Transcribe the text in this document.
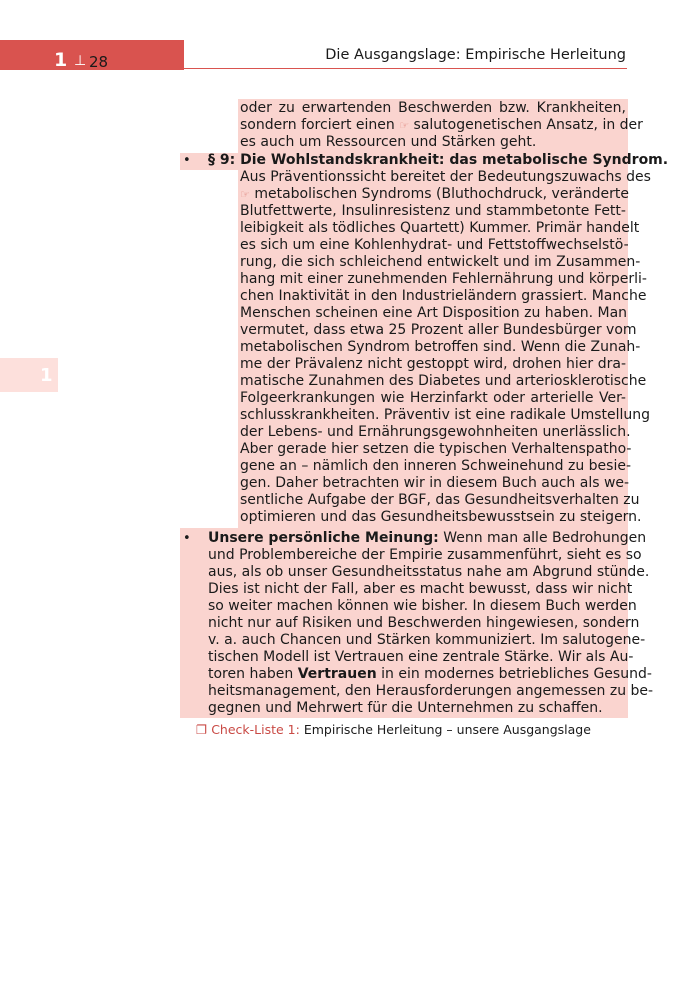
1 ⊥ 28	Die Ausgangslage: Empirische Herleitung
1
oder zu erwartenden Beschwerden bzw. Krankheiten,
sondern forciert einen ☞ salutogenetischen Ansatz, in der
es auch um Ressourcen und Stärken geht.
• § 9: Die Wohlstandskrankheit: das metabolische Syndrom.
Aus Präventionssicht bereitet der Bedeutungszuwachs des
☞ metabolischen Syndroms (Bluthochdruck, veränderte
Blutfettwerte, Insulinresistenz und stammbetonte Fett-
leibigkeit als tödliches Quartett) Kummer. Primär handelt
es sich um eine Kohlenhydrat- und Fettstoffwechselstö-
rung, die sich schleichend entwickelt und im Zusammen-
hang mit einer zunehmenden Fehlernährung und körperli-
chen Inaktivität in den Industrieländern grassiert. Manche
Menschen scheinen eine Art Disposition zu haben. Man
vermutet, dass etwa 25 Prozent aller Bundesbürger vom
metabolischen Syndrom betroffen sind. Wenn die Zunah-
me der Prävalenz nicht gestoppt wird, drohen hier dra-
matische Zunahmen des Diabetes und arteriosklerotische
Folgeerkrankungen wie Herzinfarkt oder arterielle Ver-
schlusskrankheiten. Präventiv ist eine radikale Umstellung
der Lebens- und Ernährungsgewohnheiten unerlässlich.
Aber gerade hier setzen die typischen Verhaltenspatho-
gene an – nämlich den inneren Schweinehund zu besie-
gen. Daher betrachten wir in diesem Buch auch als we-
sentliche Aufgabe der BGF, das Gesundheitsverhalten zu
optimieren und das Gesundheitsbewusstsein zu steigern.
• Unsere persönliche Meinung: Wenn man alle Bedrohungen
und Problembereiche der Empirie zusammenführt, sieht es so
aus, als ob unser Gesundheitsstatus nahe am Abgrund stünde.
Dies ist nicht der Fall, aber es macht bewusst, dass wir nicht
so weiter machen können wie bisher. In diesem Buch werden
nicht nur auf Risiken und Beschwerden hingewiesen, sondern
v. a. auch Chancen und Stärken kommuniziert. Im salutogene-
tischen Modell ist Vertrauen eine zentrale Stärke. Wir als Au-
toren haben Vertrauen in ein modernes betriebliches Gesund-
heitsmanagement, den Herausforderungen angemessen zu be-
gegnen und Mehrwert für die Unternehmen zu schaffen.
❐ Check-Liste 1: Empirische Herleitung – unsere Ausgangslage
